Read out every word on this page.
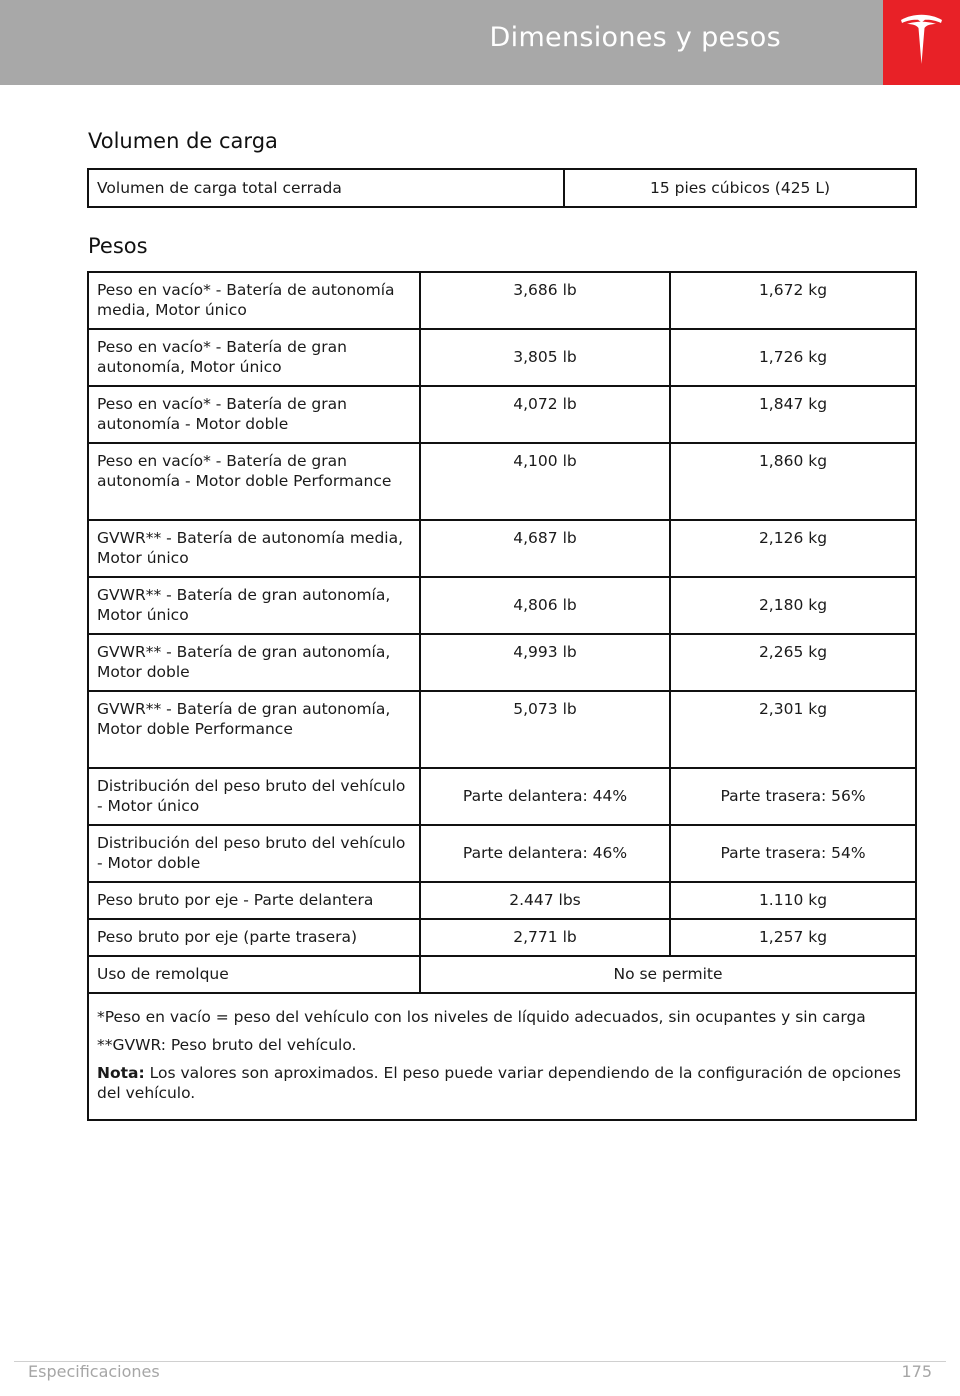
Dimensiones y pesos
Volumen de carga
Volumen de carga total cerrada	15 pies cúbicos (425 L)
Pesos
Peso en vacío* - Batería de autonomía media, Motor único	3,686 lb	1,672 kg
Peso en vacío* - Batería de gran autonomía, Motor único	3,805 lb	1,726 kg
Peso en vacío* - Batería de gran autonomía - Motor doble	4,072 lb	1,847 kg
Peso en vacío* - Batería de gran autonomía - Motor doble Performance	4,100 lb	1,860 kg
GVWR** - Batería de autonomía media, Motor único	4,687 lb	2,126 kg
GVWR** - Batería de gran autonomía, Motor único	4,806 lb	2,180 kg
GVWR** - Batería de gran autonomía, Motor doble	4,993 lb	2,265 kg
GVWR** - Batería de gran autonomía, Motor doble Performance	5,073 lb	2,301 kg
Distribución del peso bruto del vehículo - Motor único	Parte delantera: 44%	Parte trasera: 56%
Distribución del peso bruto del vehículo - Motor doble	Parte delantera: 46%	Parte trasera: 54%
Peso bruto por eje - Parte delantera	2.447 lbs	1.110 kg
Peso bruto por eje (parte trasera)	2,771 lb	1,257 kg
Uso de remolque	No se permite	

*Peso en vacío = peso del vehículo con los niveles de líquido adecuados, sin ocupantes y sin carga

**GVWR: Peso bruto del vehículo.

Nota: Los valores son aproximados. El peso puede variar dependiendo de la configuración de opciones del vehículo.		

Especificaciones	175
